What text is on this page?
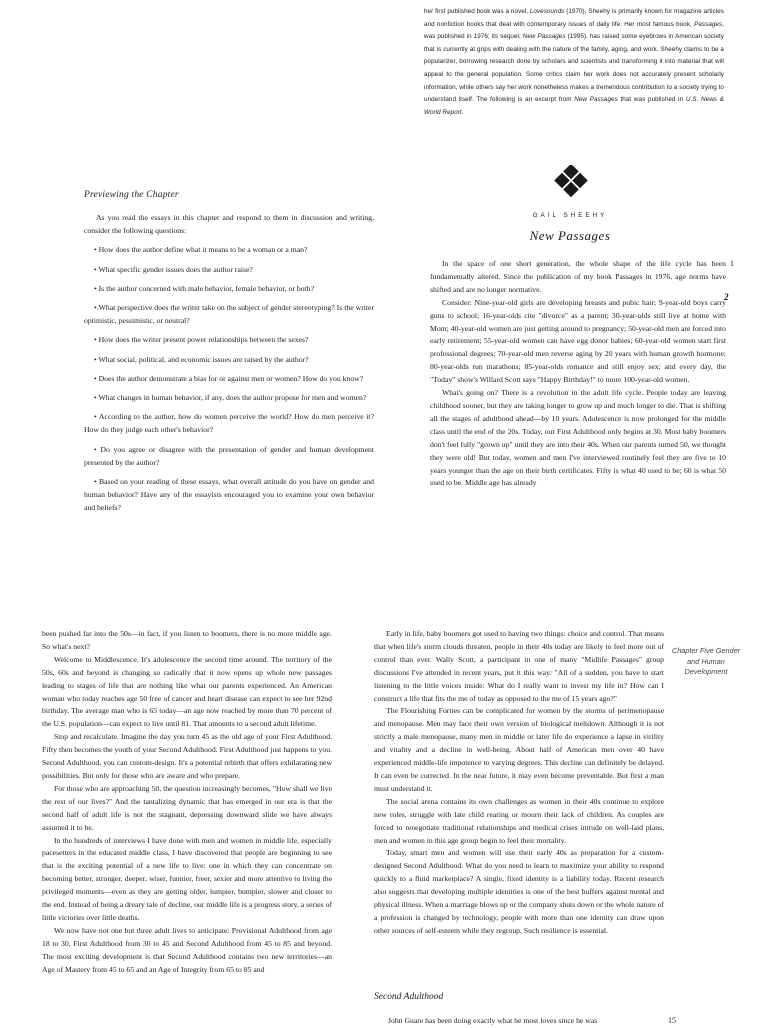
her first published book was a novel, Lovesounds (1970), Sheehy is primarily known for magazine articles and nonfiction books that deal with contemporary issues of daily life. Her most famous book, Passages, was published in 1976; its sequel, New Passages (1995), has raised some eyebrows in American society that is currently at grips with dealing with the nature of the family, aging, and work. Sheehy claims to be a popularizer, borrowing research done by scholars and scientists and transforming it into material that will appeal to the general population. Some critics claim her work does not accurately present scholarly information, while others say her work nonetheless makes a tremendous contribution to a society trying to understand itself. The following is an excerpt from New Passages that was published in U.S. News & World Report.

GAIL SHEEHY
New Passages

In the space of one short generation, the whole shape of the life cycle has been fundamentally altered. Since the publication of my book Passages in 1976, age norms have shifted and are no longer normative.

Consider: Nine-year-old girls are developing breasts and pubic hair; 9-year-old boys carry guns to school; 16-year-olds cite "divorce" as a parent; 30-year-olds still live at home with Mom; 40-year-old women are just getting around to pregnancy; 50-year-old men are forced into early retirement; 55-year-old women can have egg donor babies; 60-year-old women start first professional degrees; 70-year-old men reverse aging by 20 years with human growth hormone; 80-year-olds run marathons; 85-year-olds romance and still enjoy sex; and every day, the "Today" show's Willard Scott says "Happy Birthday!" to more 100-year-old women.

What's going on? There is a revolution in the adult life cycle. People today are leaving childhood sooner, but they are taking longer to grow up and much longer to die. That is shifting all the stages of adulthood ahead—by 10 years. Adolescence is now prolonged for the middle class until the end of the 20s. Today, our First Adulthood only begins at 30. Most baby boomers don't feel fully "grown up" until they are into their 40s. When our parents turned 50, we thought they were old! But today, women and men I've interviewed routinely feel they are five to 10 years younger than the age on their birth certificates. Fifty is what 40 used to be; 60 is what 50 used to be. Middle age has already

1
2
Previewing the Chapter

As you read the essays in this chapter and respond to them in discussion and writing, consider the following questions:

• How does the author define what it means to be a woman or a man?

• What specific gender issues does the author raise?

• Is the author concerned with male behavior, female behavior, or both?

•.What perspective does the writer take on the subject of gender stereotyping? Is the writer optimistic, pessimistic, or neutral?

• How does the writer present power relationships between the sexes?

• What social, political, and economic issues are raised by the author?

• Does the author demonstrate a bias for or against men or women? How do you know?

• What changes in human behavior, if any, does the author propose for men and women?

• According to the author, how do women perceive the world? How do men perceive it? How do they judge each other's behavior?

• Do you agree or disagree with the presentation of gender and human development presented by the author?

• Based on your reading of these essays, what overall attitude do you have on gender and human behavior? Have any of the essayists encouraged you to examine your own behavior and beliefs?

been pushed far into the 50s—in fact, if you listen to boomers, there is no more middle age. So what's next?

Welcome to Middlescence. It's adolescence the second time around. The territory of the 50s, 60s and beyond is changing so radically that it now opens up whole new passages leading to stages of life that are nothing like what our parents experienced. An American woman who today reaches age 50 free of cancer and heart disease can expect to see her 92nd birthday. The average man who is 65 today—an age now reached by more than 70 percent of the U.S. population—can expect to live until 81. That amounts to a second adult lifetime.

Stop and recalculate. Imagine the day you turn 45 as the old age of your First Adulthood. Fifty then becomes the youth of your Second Adulthood. First Adulthood just happens to you. Second Adulthood, you can custom-design. It's a potential rebirth that offers exhilarating new possibilities. But only for those who are aware and who prepare.

For those who are approaching 50, the question increasingly becomes, "How shall we live the rest of our lives?" And the tantalizing dynamic that has emerged in our era is that the second half of adult life is not the stagnant, depressing downward slide we have always assumed it to be.

In the hundreds of interviews I have done with men and women in middle life, especially pacesetters in the educated middle class, I have discovered that people are beginning to see that is the exciting potential of a new life to live: one in which they can concentrate on becoming better, stronger, deeper, wiser, funnier, freer, sexier and more attentive to living the privileged moments—even as they are getting older, lumpier, bumpier, slower and closer to the end. Instead of being a dreary tale of decline, our middle life is a progress story, a series of little victories over little deaths.

We now have not one but three adult lives to anticipate: Provisional Adulthood from age 18 to 30, First Adulthood from 30 to 45 and Second Adulthood from 45 to 85 and beyond. The most exciting development is that Second Adulthood contains two new territories—an Age of Mastery from 45 to 65 and an Age of Integrity from 65 to 85 and

Early in life, baby boomers got used to having two things: choice and control. That means that when life's storm clouds threaten, people in their 40s today are likely to feel more out of control than ever. Wally Scott, a participant in one of many "Midlife Passages" group discussions I've attended in recent years, put it this way: "All of a sudden, you have to start listening to the little voices inside: What do I really want to invest my life in? How can I construct a life that fits the me of today as opposed to the me of 15 years ago?"

The Flourishing Forties can be complicated for women by the storms of perimenopause and menopause. Men may face their own version of biological meltdown. Although it is not strictly a male menopause, many men in middle or later life do experience a lapse in virility and vitality and a decline in well-being. About half of American men over 40 have experienced middle-life impotence to varying degrees. This decline can definitely be delayed. It can even be corrected. In the near future, it may even become preventable. But first a man must understand it.

The social arena contains its own challenges as women in their 40s continue to explore new roles, struggle with late child rearing or mourn their lack of children. As couples are forced to renegotiate traditional relationships and medical crises intrude on well-laid plans, men and women in this age group begin to feel their mortality.

Today, smart men and women will use their early 40s as preparation for a custom-designed Second Adulthood. What do you need to learn to maximize your ability to respond quickly to a fluid marketplace? A single, fixed identity is a liability today. Recent research also suggests that developing multiple identities is one of the best buffers against mental and physical illness. When a marriage blows up or the company shuts down or the whole nature of a profession is changed by technology, people with more than one identity can draw upon other sources of self-esteem while they regroup. Such resilience is essential.

Chapter Five Gender and Human Development
Second Adulthood
John Guare has been doing exactly what he most loves since he was	15
